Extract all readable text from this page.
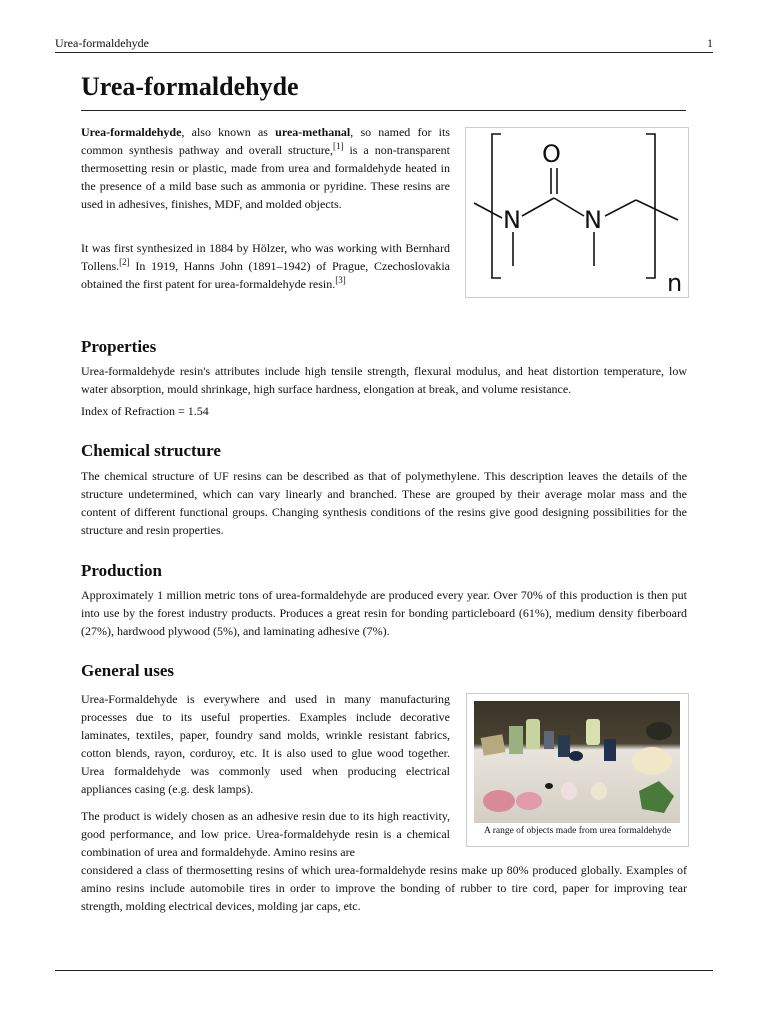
Urea-formaldehyde	1
Urea-formaldehyde

Urea-formaldehyde, also known as urea-methanal, so named for its common synthesis pathway and overall structure,[1] is a non-transparent thermosetting resin or plastic, made from urea and formaldehyde heated in the presence of a mild base such as ammonia or pyridine. These resins are used in adhesives, finishes, MDF, and molded objects.

It was first synthesized in 1884 by Hölzer, who was working with Bernhard Tollens.[2] In 1919, Hanns John (1891–1942) of Prague, Czechoslovakia obtained the first patent for urea-formaldehyde resin.[3]

O
N	N
n
Properties

Urea-formaldehyde resin's attributes include high tensile strength, flexural modulus, and heat distortion temperature, low water absorption, mould shrinkage, high surface hardness, elongation at break, and volume resistance.

Index of Refraction = 1.54

Chemical structure

The chemical structure of UF resins can be described as that of polymethylene. This description leaves the details of the structure undetermined, which can vary linearly and branched. These are grouped by their average molar mass and the content of different functional groups. Changing synthesis conditions of the resins give good designing possibilities for the structure and resin properties.

Production

Approximately 1 million metric tons of urea-formaldehyde are produced every year. Over 70% of this production is then put into use by the forest industry products. Produces a great resin for bonding particleboard (61%), medium density fiberboard (27%), hardwood plywood (5%), and laminating adhesive (7%).

General uses

Urea-Formaldehyde is everywhere and used in many manufacturing processes due to its useful properties. Examples include decorative laminates, textiles, paper, foundry sand molds, wrinkle resistant fabrics, cotton blends, rayon, corduroy, etc. It is also used to glue wood together. Urea formaldehyde was commonly used when producing electrical appliances casing (e.g. desk lamps).

The product is widely chosen as an adhesive resin due to its high reactivity, good performance, and low price. Urea-formaldehyde resin is a chemical combination of urea and formaldehyde. Amino resins are

considered a class of thermosetting resins of which urea-formaldehyde resins make up 80% produced globally. Examples of amino resins include automobile tires in order to improve the bonding of rubber to tire cord, paper for improving tear strength, molding electrical devices, molding jar caps, etc.

A range of objects made from urea formaldehyde
